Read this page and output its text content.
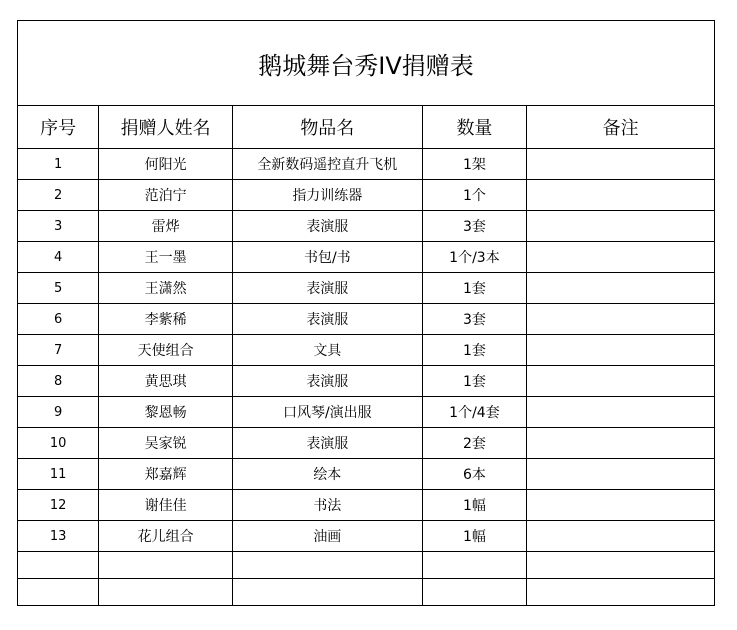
鹅城舞台秀IV捐赠表				
序号	捐赠人姓名	物品名	数量	备注
1	何阳光	全新数码遥控直升飞机	1架	
2	范泊宁	指力训练器	1个	
3	雷烨	表演服	3套	
4	王一墨	书包/书	1个/3本	
5	王潇然	表演服	1套	
6	李紫稀	表演服	3套	
7	天使组合	文具	1套	
8	黄思琪	表演服	1套	
9	黎恩畅	口风琴/演出服	1个/4套	
10	吴家锐	表演服	2套	
11	郑嘉辉	绘本	6本	
12	谢佳佳	书法	1幅	
13	花儿组合	油画	1幅	
